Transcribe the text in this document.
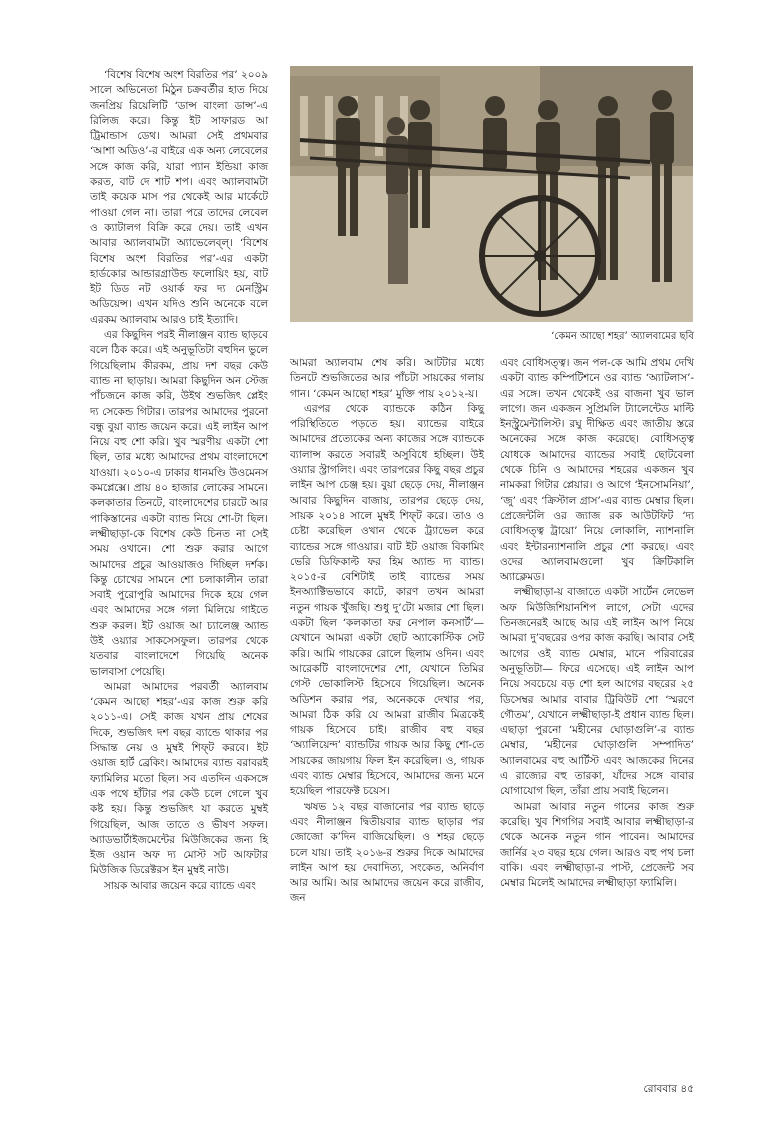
‘বিশেষ বিশেষ অংশ বিরতির পর’ ২০০৯ সালে অভিনেতা মিঠুন চক্রবর্তীর হাত দিয়ে জনপ্রিয় রিয়েলিটি ‘ডান্স বাংলা ডান্স’-এ রিলিজ করে। কিন্তু ইট সাফারড আ ট্রিমান্ডাস ডেথ। আমরা সেই প্রথমবার ‘আশা অডিও’-র বাইরে এক অন্য লেবেলের সঙ্গে কাজ করি, যারা প্যান ইন্ডিয়া কাজ করত, বাট দে শাট শপ। এবং অ্যালবামটা তাই কয়েক মাস পর থেকেই আর মার্কেটে পাওয়া গেল না। তারা পরে তাদের লেবেল ও ক্যাটালগ বিক্রি করে দেয়। তাই এখন আবার অ্যালবামটা অ্যাভেলেব্‌ল্‌। ‘বিশেষ বিশেষ অংশ বিরতির পর’-এর একটা হার্ডকোর আন্ডারগ্রাউন্ড ফলোয়িং হয়, বাট ইট ডিড নট ওয়ার্ক ফর দ্য মেনস্ট্রিম অডিয়েন্স। এখন যদিও শুনি অনেকে বলে এরকম অ্যালবাম আরও চাই ইত্যাদি।

এর কিছুদিন পরই নীলাঞ্জন ব্যান্ড ছাড়বে বলে ঠিক করে। এই অনুভূতিটা বহুদিন ভুলে গিয়েছিলাম কীরকম, প্রায় দশ বছর কেউ ব্যান্ড না ছাড়ায়। আমরা কিছুদিন অন স্টেজ পাঁচজনে কাজ করি, উইথ শুভজিৎ প্লেইং দ্য সেকেন্ড গিটার। তারপর আমাদের পুরনো বন্ধু বুয়া ব্যান্ড জয়েন করে। এই লাইন আপ নিয়ে বহু শো করি। খুব স্মরণীয় একটা শো ছিল, তার মধ্যে আমাদের প্রথম বাংলাদেশে যাওয়া। ২০১০-এ ঢাকার ধানমণ্ডি উওমেনস কমপ্লেক্সে। প্রায় ৪০ হাজার লোকের সামনে। কলকাতার তিনটে, বাংলাদেশের চারটে আর পাকিস্তানের একটা ব্যান্ড নিয়ে শো-টা ছিল। লক্ষ্মীছাড়া-কে বিশেষ কেউ চিনত না সেই সময় ওখানে। শো শুরু করার আগে আমাদের প্রচুর আওয়াজও দিচ্ছিল দর্শক। কিন্তু চোখের সামনে শো চলাকালীন তারা সবাই পুরোপুরি আমাদের দিকে হয়ে গেল এবং আমাদের সঙ্গে গলা মিলিয়ে গাইতে শুরু করল। ইট ওয়াজ আ চ্যালেঞ্জ অ্যান্ড উই ওয়্যার সাকসেসফুল। তারপর থেকে যতবার বাংলাদেশে গিয়েছি অনেক ভালবাসা পেয়েছি।

আমরা আমাদের পরবর্তী অ্যালবাম ‘কেমন আছো শহর’-এর কাজ শুরু করি ২০১১-এ। সেই কাজ যখন প্রায় শেষের দিকে, শুভজিৎ দশ বছর ব্যান্ডে থাকার পর সিদ্ধান্ত নেয় ও মুম্বই শিফ্‌ট করবে। ইট ওয়াজ হার্ট ব্রেকিং। আমাদের ব্যান্ড বরাবরই ফ্যামিলির মতো ছিল। সব এতদিন একসঙ্গে এক পথে হাঁটার পর কেউ চলে গেলে খুব কষ্ট হয়। কিন্তু শুভজিৎ যা করতে মুম্বই গিয়েছিল, আজ তাতে ও ভীষণ সফল। অ্যাডভার্টাইজমেন্টের মিউজিকের জন্য হি ইজ ওয়ান অফ দ্য মোস্ট সট আফটার মিউজিক ডিরেক্টরস ইন মুম্বই নাউ।

সায়ক আবার জয়েন করে ব্যান্ডে এবং

‘কেমন আছো শহর’ অ্যালবামের ছবি

আমরা অ্যালবাম শেষ করি। আটটার মধ্যে তিনটে শুভজিতের আর পাঁচটা সায়কের গলায় গান। ‘কেমন আছো শহর’ মুক্তি পায় ২০১২-য়।

এরপর থেকে ব্যান্ডকে কঠিন কিছু পরিস্থিতিতে পড়তে হয়। ব্যান্ডের বাইরে আমাদের প্রত্যেকের অন্য কাজের সঙ্গে ব্যান্ডকে ব্যালান্স করতে সবারই অসুবিধে হচ্ছিল। উই ওয়্যার স্ট্রাগলিং। এবং তারপরের কিছু বছর প্রচুর লাইন আপ চেঞ্জ হয়। বুয়া ছেড়ে দেয়, নীলাঞ্জন আবার কিছুদিন বাজায়, তারপর ছেড়ে দেয়, সায়ক ২০১৪ সালে মুম্বই শিফ্‌ট করে। তাও ও চেষ্টা করেছিল ওখান থেকে ট্র্যাভেল করে ব্যান্ডের সঙ্গে গাওয়ার। বাট ইট ওয়াজ বিকামিং ভেরি ডিফিকাল্ট ফর হিম অ্যান্ড দ্য ব্যান্ড। ২০১৫-র বেশিটাই তাই ব্যান্ডের সময় ইনঅ্যাক্টিভভাবে কাটে, কারণ তখন আমরা নতুন গায়ক খুঁজছি। শুধু দু’টো মজার শো ছিল। একটা ছিল ‘কলকাতা ফর নেপাল কনসার্ট’— যেখানে আমরা একটা ছোট অ্যাকোস্টিক সেট করি। আমি গায়কের রোলে ছিলাম ওদিন। এবং আরেকটি বাংলাদেশের শো, যেখানে তিমির গেস্ট ভোকালিস্ট হিসেবে গিয়েছিল। অনেক অডিশন করার পর, অনেককে দেখার পর, আমরা ঠিক করি যে আমরা রাজীব মিত্রকেই গায়ক হিসেবে চাই। রাজীব বহু বছর ‘অ্যালিয়েন্দ’ ব্যান্ডটির গায়ক আর কিছু শো-তে সায়কের জায়গায় ফিল ইন করেছিল। ও, গায়ক এবং ব্যান্ড মেম্বার হিসেবে, আমাদের জন্য মনে হয়েছিল পারফেক্ট চয়েস।

ঋষভ ১২ বছর বাজানোর পর ব্যান্ড ছাড়ে এবং নীলাঞ্জন দ্বিতীয়বার ব্যান্ড ছাড়ার পর জোজো ক’দিন বাজিয়েছিল। ও শহর ছেড়ে চলে যায়। তাই ২০১৬-র শুরুর দিকে আমাদের লাইন আপ হয় দেবাদিত্য, সংকেত, অনির্বাণ আর আমি। আর আমাদের জয়েন করে রাজীব, জন

এবং বোধিসত্ত্ব। জন পল-কে আমি প্রথম দেখি একটা ব্যান্ড কম্পিটিশনে ওর ব্যান্ড ‘অ্যাটলাস’-এর সঙ্গে। তখন থেকেই ওর বাজনা খুব ভাল লাগে। জন একজন সুপ্রিমলি ট্যালেন্টেড মাল্টি ইনস্ট্রুমেন্টালিস্ট। রঘু দীক্ষিত এবং জাতীয় স্তরে অনেকের সঙ্গে কাজ করেছে। বোধিসত্ত্ব যোধকে আমাদের ব্যান্ডের সবাই ছোটবেলা থেকে চিনি ও আমাদের শহরের একজন খুব নামকরা গিটার প্লেয়ার। ও আগে ‘ইনসোমনিয়া’, ‘জু’ এবং ‘ক্রিস্টাল গ্রাস’-এর ব্যান্ড মেম্বার ছিল। প্রেজেন্টলি ওর জ্যাজ রক আউটফিট ‘দ্য বোধিসত্ত্ব ট্রায়ো’ নিয়ে লোকালি, ন্যাশনালি এবং ইন্টারন্যাশনালি প্রচুর শো করছে। এবং ওদের অ্যালবামগুলো খুব ক্রিটিকালি অ্যাক্লেমড।

লক্ষ্মীছাড়া-য় বাজাতে একটা সার্টেন লেভেল অফ মিউজিশিয়ানশিপ লাগে, সেটা এদের তিনজনেরই আছে আর এই লাইন আপ নিয়ে আমরা দু’বছরের ওপর কাজ করছি। আবার সেই আগের ওই ব্যান্ড মেম্বার, মানে পরিবারের অনুভূতিটা— ফিরে এসেছে। এই লাইন আপ নিয়ে সবচেয়ে বড় শো হল আগের বছরের ২৫ ডিসেম্বর আমার বাবার ট্রিবিউট শো ‘স্মরণে গৌতম’, যেখানে লক্ষ্মীছাড়া-ই প্রধান ব্যান্ড ছিল। এছাড়া পুরনো ‘মহীনের ঘোড়াগুলি’-র ব্যান্ড মেম্বার, ‘মহীনের ঘোড়াগুলি সম্পাদিত’ অ্যালবামের বহু আর্টিস্ট এবং আজকের দিনের এ রাজ্যের বহু তারকা, যাঁদের সঙ্গে বাবার যোগাযোগ ছিল, তাঁরা প্রায় সবাই ছিলেন।

আমরা আবার নতুন গানের কাজ শুরু করেছি। খুব শিগগির সবাই আবার লক্ষ্মীছাড়া-র থেকে অনেক নতুন গান পাবেন। আমাদের জার্নির ২৩ বছর হয়ে গেল। আরও বহু পথ চলা বাকি। এবং লক্ষ্মীছাড়া-র পাস্ট, প্রেজেন্ট সব মেম্বার মিলেই আমাদের লক্ষ্মীছাড়া ফ্যামিলি।

রোববার ৪৫
